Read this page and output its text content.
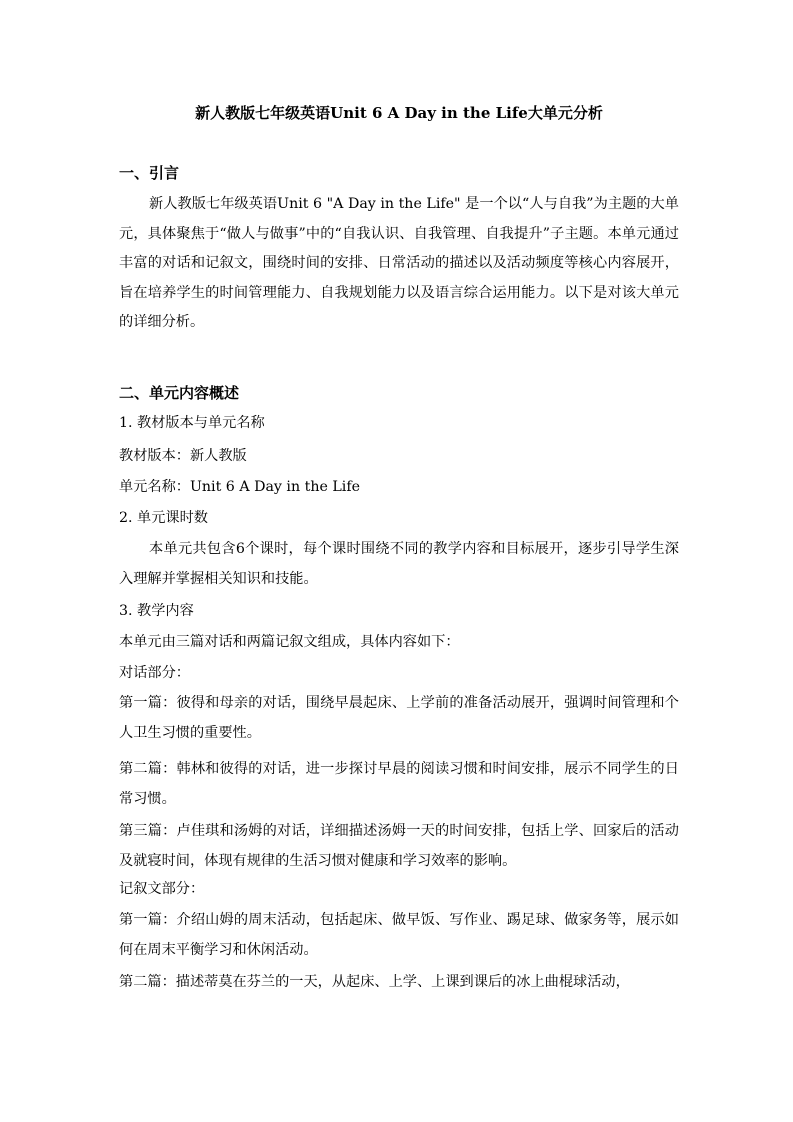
新人教版七年级英语Unit 6 A Day in the Life大单元分析
一、引言
新人教版七年级英语Unit 6 "A Day in the Life" 是一个以“人与自我”为主题的大单元，具体聚焦于“做人与做事”中的“自我认识、自我管理、自我提升”子主题。本单元通过丰富的对话和记叙文，围绕时间的安排、日常活动的描述以及活动频度等核心内容展开，旨在培养学生的时间管理能力、自我规划能力以及语言综合运用能力。以下是对该大单元的详细分析。
二、单元内容概述
1. 教材版本与单元名称
教材版本：新人教版
单元名称：Unit 6 A Day in the Life
2. 单元课时数
本单元共包含6个课时，每个课时围绕不同的教学内容和目标展开，逐步引导学生深入理解并掌握相关知识和技能。
3. 教学内容
本单元由三篇对话和两篇记叙文组成，具体内容如下：
对话部分：
第一篇：彼得和母亲的对话，围绕早晨起床、上学前的准备活动展开，强调时间管理和个人卫生习惯的重要性。
第二篇：韩林和彼得的对话，进一步探讨早晨的阅读习惯和时间安排，展示不同学生的日常习惯。
第三篇：卢佳琪和汤姆的对话，详细描述汤姆一天的时间安排，包括上学、回家后的活动及就寝时间，体现有规律的生活习惯对健康和学习效率的影响。
记叙文部分：
第一篇：介绍山姆的周末活动，包括起床、做早饭、写作业、踢足球、做家务等，展示如何在周末平衡学习和休闲活动。
第二篇：描述蒂莫在芬兰的一天，从起床、上学、上课到课后的冰上曲棍球活动，
